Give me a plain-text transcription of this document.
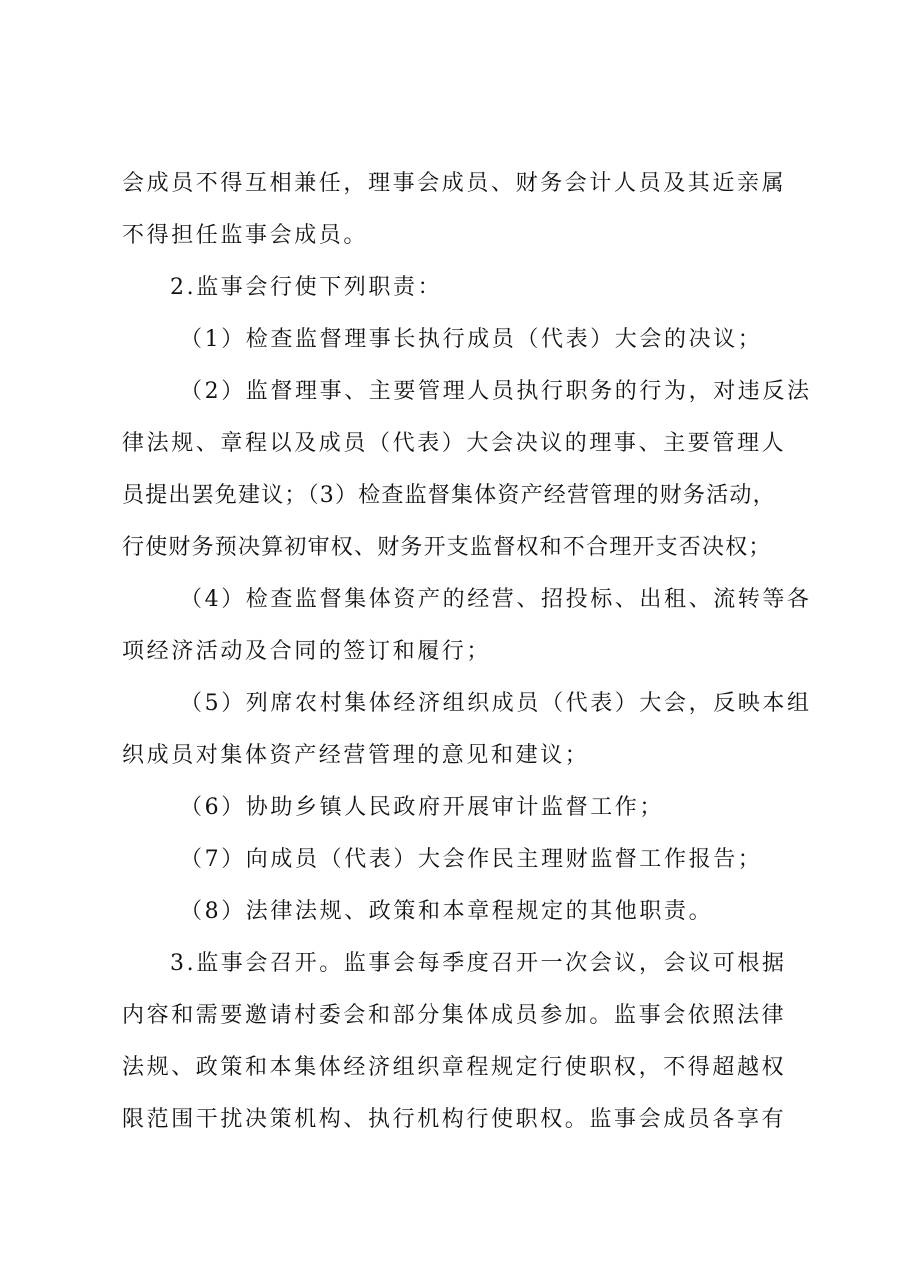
会成员不得互相兼任，理事会成员、财务会计人员及其近亲属

不得担任监事会成员。

2.监事会行使下列职责：

（1）检查监督理事长执行成员（代表）大会的决议；

（2）监督理事、主要管理人员执行职务的行为，对违反法

律法规、章程以及成员（代表）大会决议的理事、主要管理人

员提出罢免建议；（3）检查监督集体资产经营管理的财务活动，

行使财务预决算初审权、财务开支监督权和不合理开支否决权；

（4）检查监督集体资产的经营、招投标、出租、流转等各

项经济活动及合同的签订和履行；

（5）列席农村集体经济组织成员（代表）大会，反映本组

织成员对集体资产经营管理的意见和建议；

（6）协助乡镇人民政府开展审计监督工作；

（7）向成员（代表）大会作民主理财监督工作报告；

（8）法律法规、政策和本章程规定的其他职责。

3.监事会召开。监事会每季度召开一次会议，会议可根据

内容和需要邀请村委会和部分集体成员参加。监事会依照法律

法规、政策和本集体经济组织章程规定行使职权，不得超越权

限范围干扰决策机构、执行机构行使职权。监事会成员各享有
